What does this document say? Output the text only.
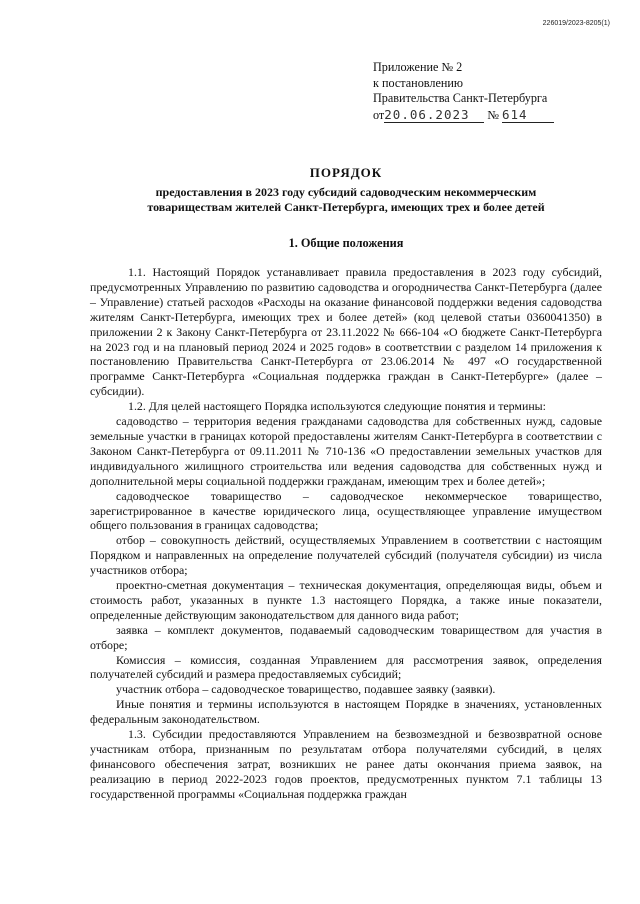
226019/2023-8205(1)
Приложение № 2
к постановлению
Правительства Санкт-Петербурга
от20.06.2023 № 614
ПОРЯДОК
предоставления в 2023 году субсидий садоводческим некоммерческим
товариществам жителей Санкт-Петербурга, имеющих трех и более детей
1. Общие положения

1.1. Настоящий Порядок устанавливает правила предоставления в 2023 году субсидий, предусмотренных Управлению по развитию садоводства и огородничества Санкт-Петербурга (далее – Управление) статьей расходов «Расходы на оказание финансовой поддержки ведения садоводства жителям Санкт-Петербурга, имеющих трех и более детей» (код целевой статьи 0360041350) в приложении 2 к Закону Санкт-Петербурга от 23.11.2022 № 666-104 «О бюджете Санкт-Петербурга на 2023 год и на плановый период 2024 и 2025 годов» в соответствии с разделом 14 приложения к постановлению Правительства Санкт-Петербурга от 23.06.2014 № 497 «О государственной программе Санкт-Петербурга «Социальная поддержка граждан в Санкт-Петербурге» (далее – субсидии).

1.2. Для целей настоящего Порядка используются следующие понятия и термины:

садоводство – территория ведения гражданами садоводства для собственных нужд, садовые земельные участки в границах которой предоставлены жителям Санкт-Петербурга в соответствии с Законом Санкт-Петербурга от 09.11.2011 № 710-136 «О предоставлении земельных участков для индивидуального жилищного строительства или ведения садоводства для собственных нужд и дополнительной меры социальной поддержки гражданам, имеющим трех и более детей»;

садоводческое товарищество – садоводческое некоммерческое товарищество, зарегистрированное в качестве юридического лица, осуществляющее управление имуществом общего пользования в границах садоводства;

отбор – совокупность действий, осуществляемых Управлением в соответствии с настоящим Порядком и направленных на определение получателей субсидий (получателя субсидии) из числа участников отбора;

проектно-сметная документация – техническая документация, определяющая виды, объем и стоимость работ, указанных в пункте 1.3 настоящего Порядка, а также иные показатели, определенные действующим законодательством для данного вида работ;

заявка – комплект документов, подаваемый садоводческим товариществом для участия в отборе;

Комиссия – комиссия, созданная Управлением для рассмотрения заявок, определения получателей субсидий и размера предоставляемых субсидий;

участник отбора – садоводческое товарищество, подавшее заявку (заявки).

Иные понятия и термины используются в настоящем Порядке в значениях, установленных федеральным законодательством.

1.3. Субсидии предоставляются Управлением на безвозмездной и безвозвратной основе участникам отбора, признанным по результатам отбора получателями субсидий, в целях финансового обеспечения затрат, возникших не ранее даты окончания приема заявок, на реализацию в период 2022-2023 годов проектов, предусмотренных пунктом 7.1 таблицы 13 государственной программы «Социальная поддержка граждан
